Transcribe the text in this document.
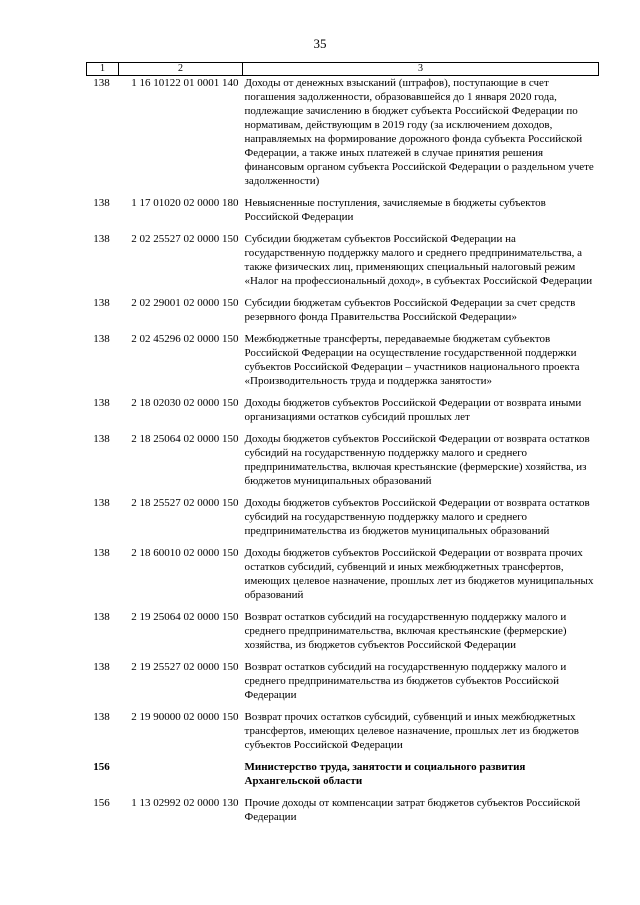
35
1	2	3
138	1 16 10122 01 0001 140	Доходы от денежных взысканий (штрафов), поступающие в счет погашения задолженности, образовавшейся до 1 января 2020 года, подлежащие зачислению в бюджет субъекта Российской Федерации по нормативам, действующим в 2019 году (за исключением доходов, направляемых на формирование дорожного фонда субъекта Российской Федерации, а также иных платежей в случае принятия решения финансовым органом субъекта Российской Федерации о раздельном учете задолженности)
138	1 17 01020 02 0000 180	Невыясненные поступления, зачисляемые в бюджеты субъектов Российской Федерации
138	2 02 25527 02 0000 150	Субсидии бюджетам субъектов Российской Федерации на государственную поддержку малого и среднего предпринимательства, а также физических лиц, применяющих специальный налоговый режим «Налог на профессиональный доход», в субъектах Российской Федерации
138	2 02 29001 02 0000 150	Субсидии бюджетам субъектов Российской Федерации за счет средств резервного фонда Правительства Российской Федерации»
138	2 02 45296 02 0000 150	Межбюджетные трансферты, передаваемые бюджетам субъектов Российской Федерации на осуществление государственной поддержки субъектов Российской Федерации – участников национального проекта «Производительность труда и поддержка занятости»
138	2 18 02030 02 0000 150	Доходы бюджетов субъектов Российской Федерации от возврата иными организациями остатков субсидий прошлых лет
138	2 18 25064 02 0000 150	Доходы бюджетов субъектов Российской Федерации от возврата остатков субсидий на государственную поддержку малого и среднего предпринимательства, включая крестьянские (фермерские) хозяйства, из бюджетов муниципальных образований
138	2 18 25527 02 0000 150	Доходы бюджетов субъектов Российской Федерации от возврата остатков субсидий на государственную поддержку малого и среднего предпринимательства из бюджетов муниципальных образований
138	2 18 60010 02 0000 150	Доходы бюджетов субъектов Российской Федерации от возврата прочих остатков субсидий, субвенций и иных межбюджетных трансфертов, имеющих целевое назначение, прошлых лет из бюджетов муниципальных образований
138	2 19 25064 02 0000 150	Возврат остатков субсидий на государственную поддержку малого и среднего предпринимательства, включая крестьянские (фермерские) хозяйства, из бюджетов субъектов Российской Федерации
138	2 19 25527 02 0000 150	Возврат остатков субсидий на государственную поддержку малого и среднего предпринимательства из бюджетов субъектов Российской Федерации
138	2 19 90000 02 0000 150	Возврат прочих остатков субсидий, субвенций и иных межбюджетных трансфертов, имеющих целевое назначение, прошлых лет из бюджетов субъектов Российской Федерации
156		Министерство труда, занятости и социального развития Архангельской области
156	1 13 02992 02 0000 130	Прочие доходы от компенсации затрат бюджетов субъектов Российской Федерации
